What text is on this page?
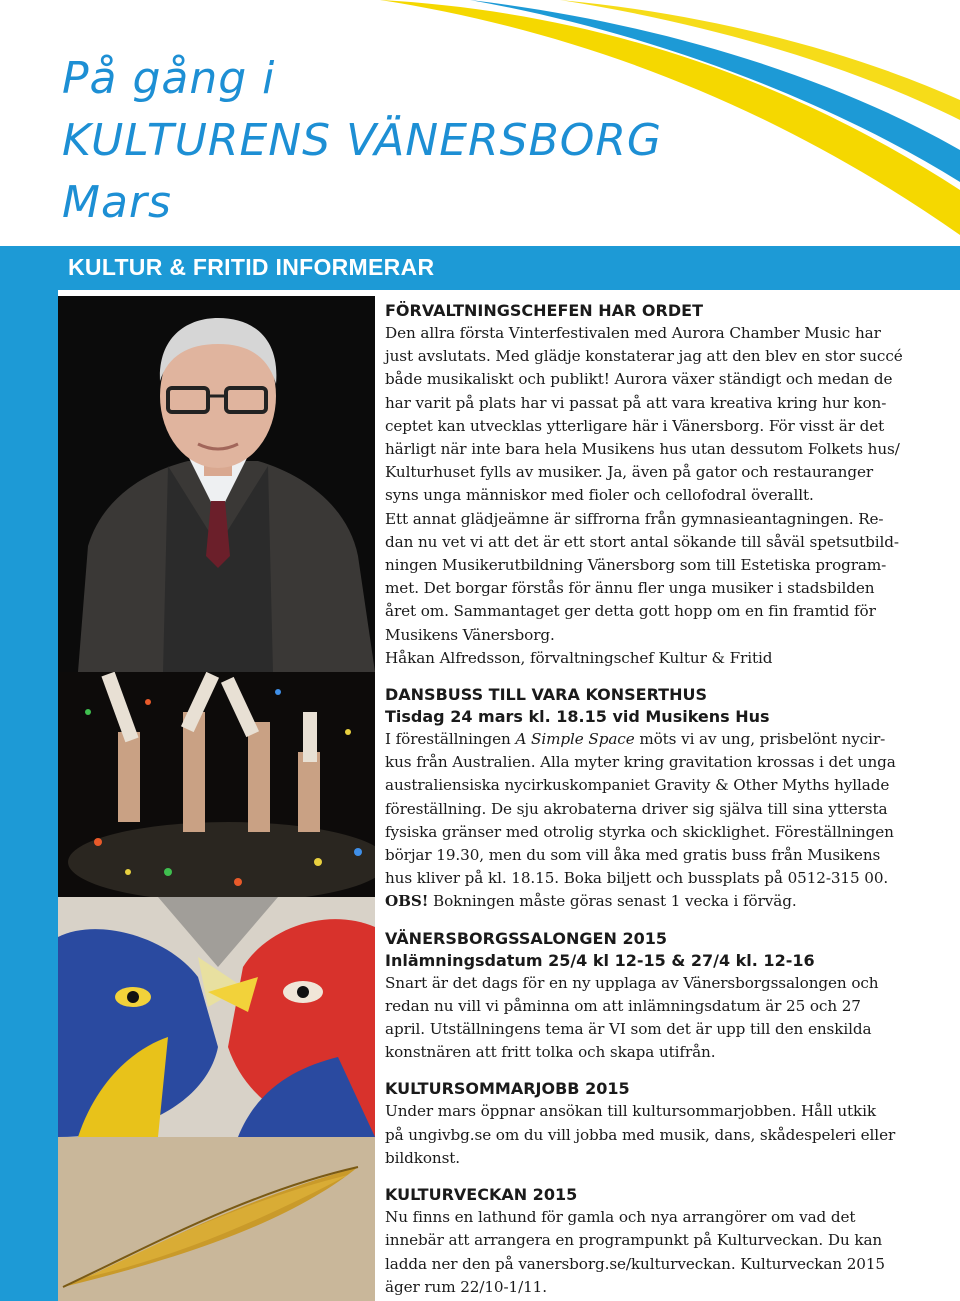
På gång i
KULTURENS VÄNERSBORG
Mars
KULTUR & FRITID INFORMERAR
FÖRVALTNINGSCHEFEN HAR ORDET

Den allra första Vinterfestivalen med Aurora Chamber Music har
just avslutats. Med glädje konstaterar jag att den blev en stor succé
både musikaliskt och publikt! Aurora växer ständigt och medan de
har varit på plats har vi passat på att vara kreativa kring hur kon-
ceptet kan utvecklas ytterligare här i Vänersborg. För visst är det
härligt när inte bara hela Musikens hus utan dessutom Folkets hus/
Kulturhuset fylls av musiker. Ja, även på gator och restauranger
syns unga människor med fioler och cellofodral överallt.
Ett annat glädjeämne är siffrorna från gymnasieantagningen. Re-
dan nu vet vi att det är ett stort antal sökande till såväl spetsutbild-
ningen Musikerutbildning Vänersborg som till Estetiska program-
met. Det borgar förstås för ännu fler unga musiker i stadsbilden
året om. Sammantaget ger detta gott hopp om en fin framtid för
Musikens Vänersborg.
Håkan Alfredsson, förvaltningschef Kultur & Fritid

DANSBUSS TILL VARA KONSERTHUS
Tisdag 24 mars kl. 18.15 vid Musikens Hus

I föreställningen A Simple Space möts vi av ung, prisbelönt nycir-
kus från Australien. Alla myter kring gravitation krossas i det unga
australiensiska nycirkuskompaniet Gravity & Other Myths hyllade
föreställning. De sju akrobaterna driver sig själva till sina yttersta
fysiska gränser med otrolig styrka och skicklighet. Föreställningen
börjar 19.30, men du som vill åka med gratis buss från Musikens
hus kliver på kl. 18.15. Boka biljett och bussplats på 0512-315 00.
OBS! Bokningen måste göras senast 1 vecka i förväg.

VÄNERSBORGSSALONGEN 2015
Inlämningsdatum 25/4 kl 12-15 & 27/4 kl. 12-16

Snart är det dags för en ny upplaga av Vänersborgssalongen och
redan nu vill vi påminna om att inlämningsdatum är 25 och 27
april. Utställningens tema är VI som det är upp till den enskilda
konstnären att fritt tolka och skapa utifrån.

KULTURSOMMARJOBB 2015

Under mars öppnar ansökan till kultursommarjobben. Håll utkik
på ungivbg.se om du vill jobba med musik, dans, skådespeleri eller
bildkonst.

KULTURVECKAN 2015

Nu finns en lathund för gamla och nya arrangörer om vad det
innebär att arrangera en programpunkt på Kulturveckan. Du kan
ladda ner den på vanersborg.se/kulturveckan. Kulturveckan 2015
äger rum 22/10-1/11.
